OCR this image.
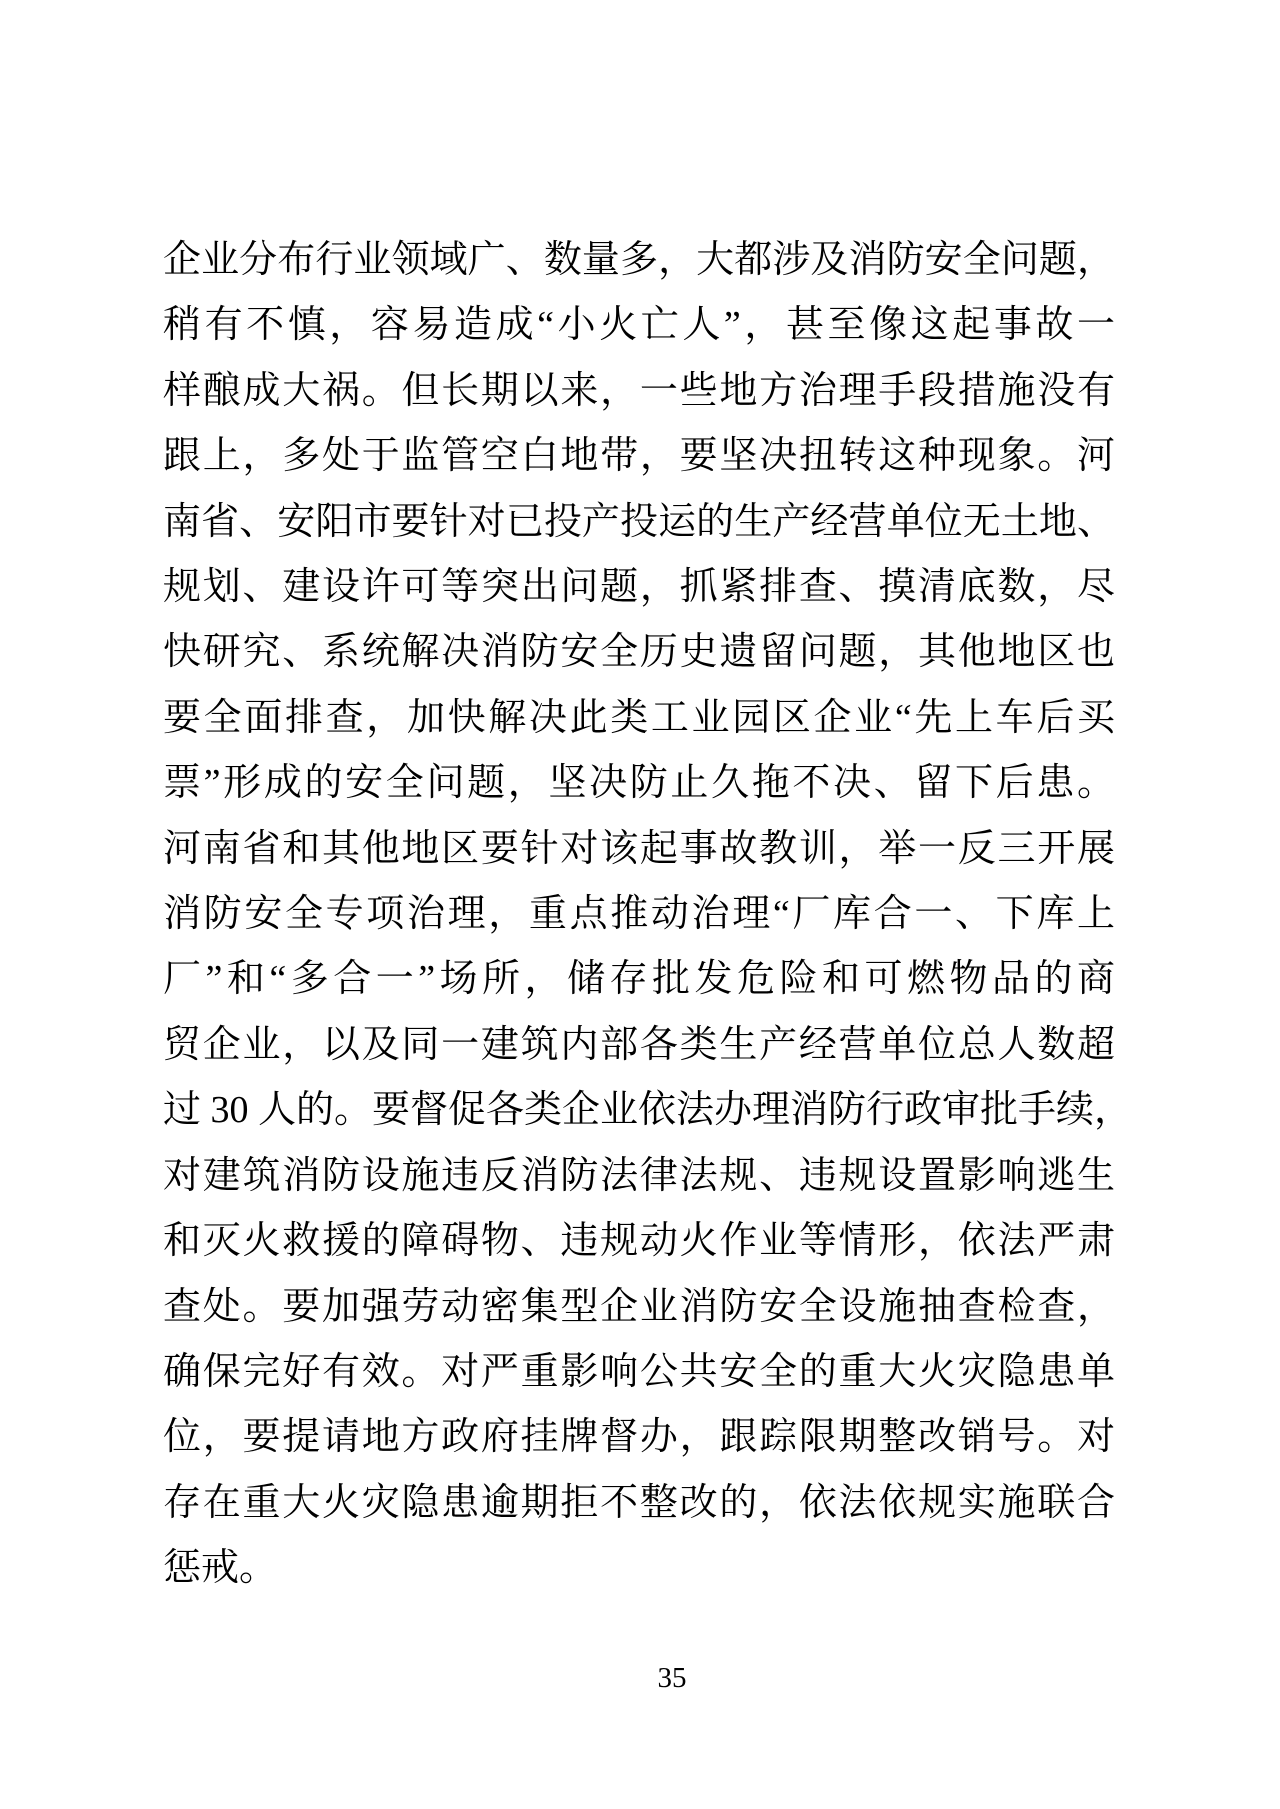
企业分布行业领域广、数量多，大都涉及消防安全问题，
稍有不慎，容易造成“小火亡人”，甚至像这起事故一
样酿成大祸。但长期以来，一些地方治理手段措施没有
跟上，多处于监管空白地带，要坚决扭转这种现象。河
南省、安阳市要针对已投产投运的生产经营单位无土地、
规划、建设许可等突出问题，抓紧排查、摸清底数，尽
快研究、系统解决消防安全历史遗留问题，其他地区也
要全面排查，加快解决此类工业园区企业“先上车后买
票”形成的安全问题，坚决防止久拖不决、留下后患。
河南省和其他地区要针对该起事故教训，举一反三开展
消防安全专项治理，重点推动治理“厂库合一、下库上
厂”和“多合一”场所，储存批发危险和可燃物品的商
贸企业，以及同一建筑内部各类生产经营单位总人数超
过 30 人的。要督促各类企业依法办理消防行政审批手续，
对建筑消防设施违反消防法律法规、违规设置影响逃生
和灭火救援的障碍物、违规动火作业等情形，依法严肃
查处。要加强劳动密集型企业消防安全设施抽查检查，
确保完好有效。对严重影响公共安全的重大火灾隐患单
位，要提请地方政府挂牌督办，跟踪限期整改销号。对
存在重大火灾隐患逾期拒不整改的，依法依规实施联合
惩戒。
35
